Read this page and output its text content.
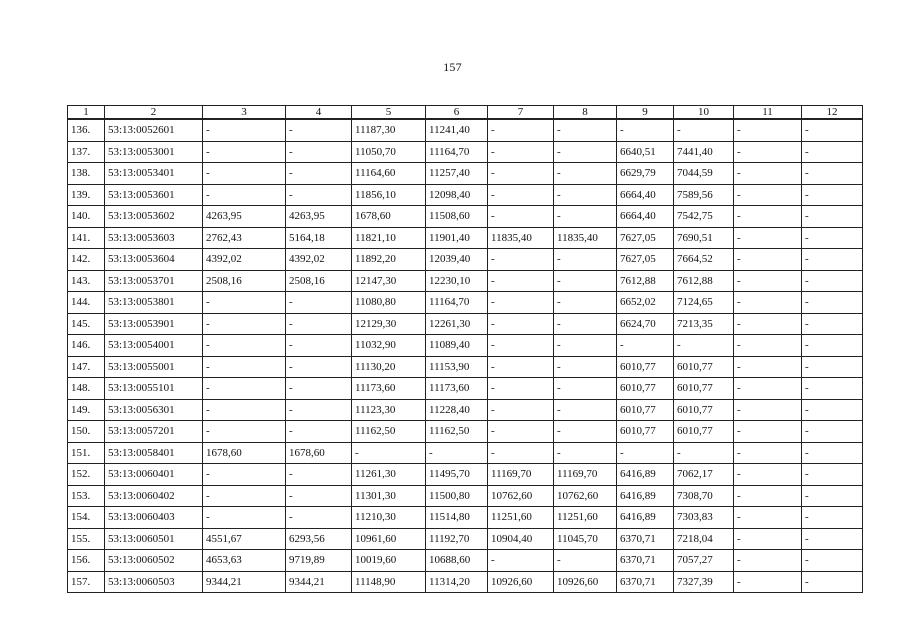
157
1	2	3	4	5	6	7	8	9	10	11	12
136.	53:13:0052601	-	-	11187,30	11241,40	-	-	-	-	-	-
137.	53:13:0053001	-	-	11050,70	11164,70	-	-	6640,51	7441,40	-	-
138.	53:13:0053401	-	-	11164,60	11257,40	-	-	6629,79	7044,59	-	-
139.	53:13:0053601	-	-	11856,10	12098,40	-	-	6664,40	7589,56	-	-
140.	53:13:0053602	4263,95	4263,95	1678,60	11508,60	-	-	6664,40	7542,75	-	-
141.	53:13:0053603	2762,43	5164,18	11821,10	11901,40	11835,40	11835,40	7627,05	7690,51	-	-
142.	53:13:0053604	4392,02	4392,02	11892,20	12039,40	-	-	7627,05	7664,52	-	-
143.	53:13:0053701	2508,16	2508,16	12147,30	12230,10	-	-	7612,88	7612,88	-	-
144.	53:13:0053801	-	-	11080,80	11164,70	-	-	6652,02	7124,65	-	-
145.	53:13:0053901	-	-	12129,30	12261,30	-	-	6624,70	7213,35	-	-
146.	53:13:0054001	-	-	11032,90	11089,40	-	-	-	-	-	-
147.	53:13:0055001	-	-	11130,20	11153,90	-	-	6010,77	6010,77	-	-
148.	53:13:0055101	-	-	11173,60	11173,60	-	-	6010,77	6010,77	-	-
149.	53:13:0056301	-	-	11123,30	11228,40	-	-	6010,77	6010,77	-	-
150.	53:13:0057201	-	-	11162,50	11162,50	-	-	6010,77	6010,77	-	-
151.	53:13:0058401	1678,60	1678,60	-	-	-	-	-	-	-	-
152.	53:13:0060401	-	-	11261,30	11495,70	11169,70	11169,70	6416,89	7062,17	-	-
153.	53:13:0060402	-	-	11301,30	11500,80	10762,60	10762,60	6416,89	7308,70	-	-
154.	53:13:0060403	-	-	11210,30	11514,80	11251,60	11251,60	6416,89	7303,83	-	-
155.	53:13:0060501	4551,67	6293,56	10961,60	11192,70	10904,40	11045,70	6370,71	7218,04	-	-
156.	53:13:0060502	4653,63	9719,89	10019,60	10688,60	-	-	6370,71	7057,27	-	-
157.	53:13:0060503	9344,21	9344,21	11148,90	11314,20	10926,60	10926,60	6370,71	7327,39	-	-
